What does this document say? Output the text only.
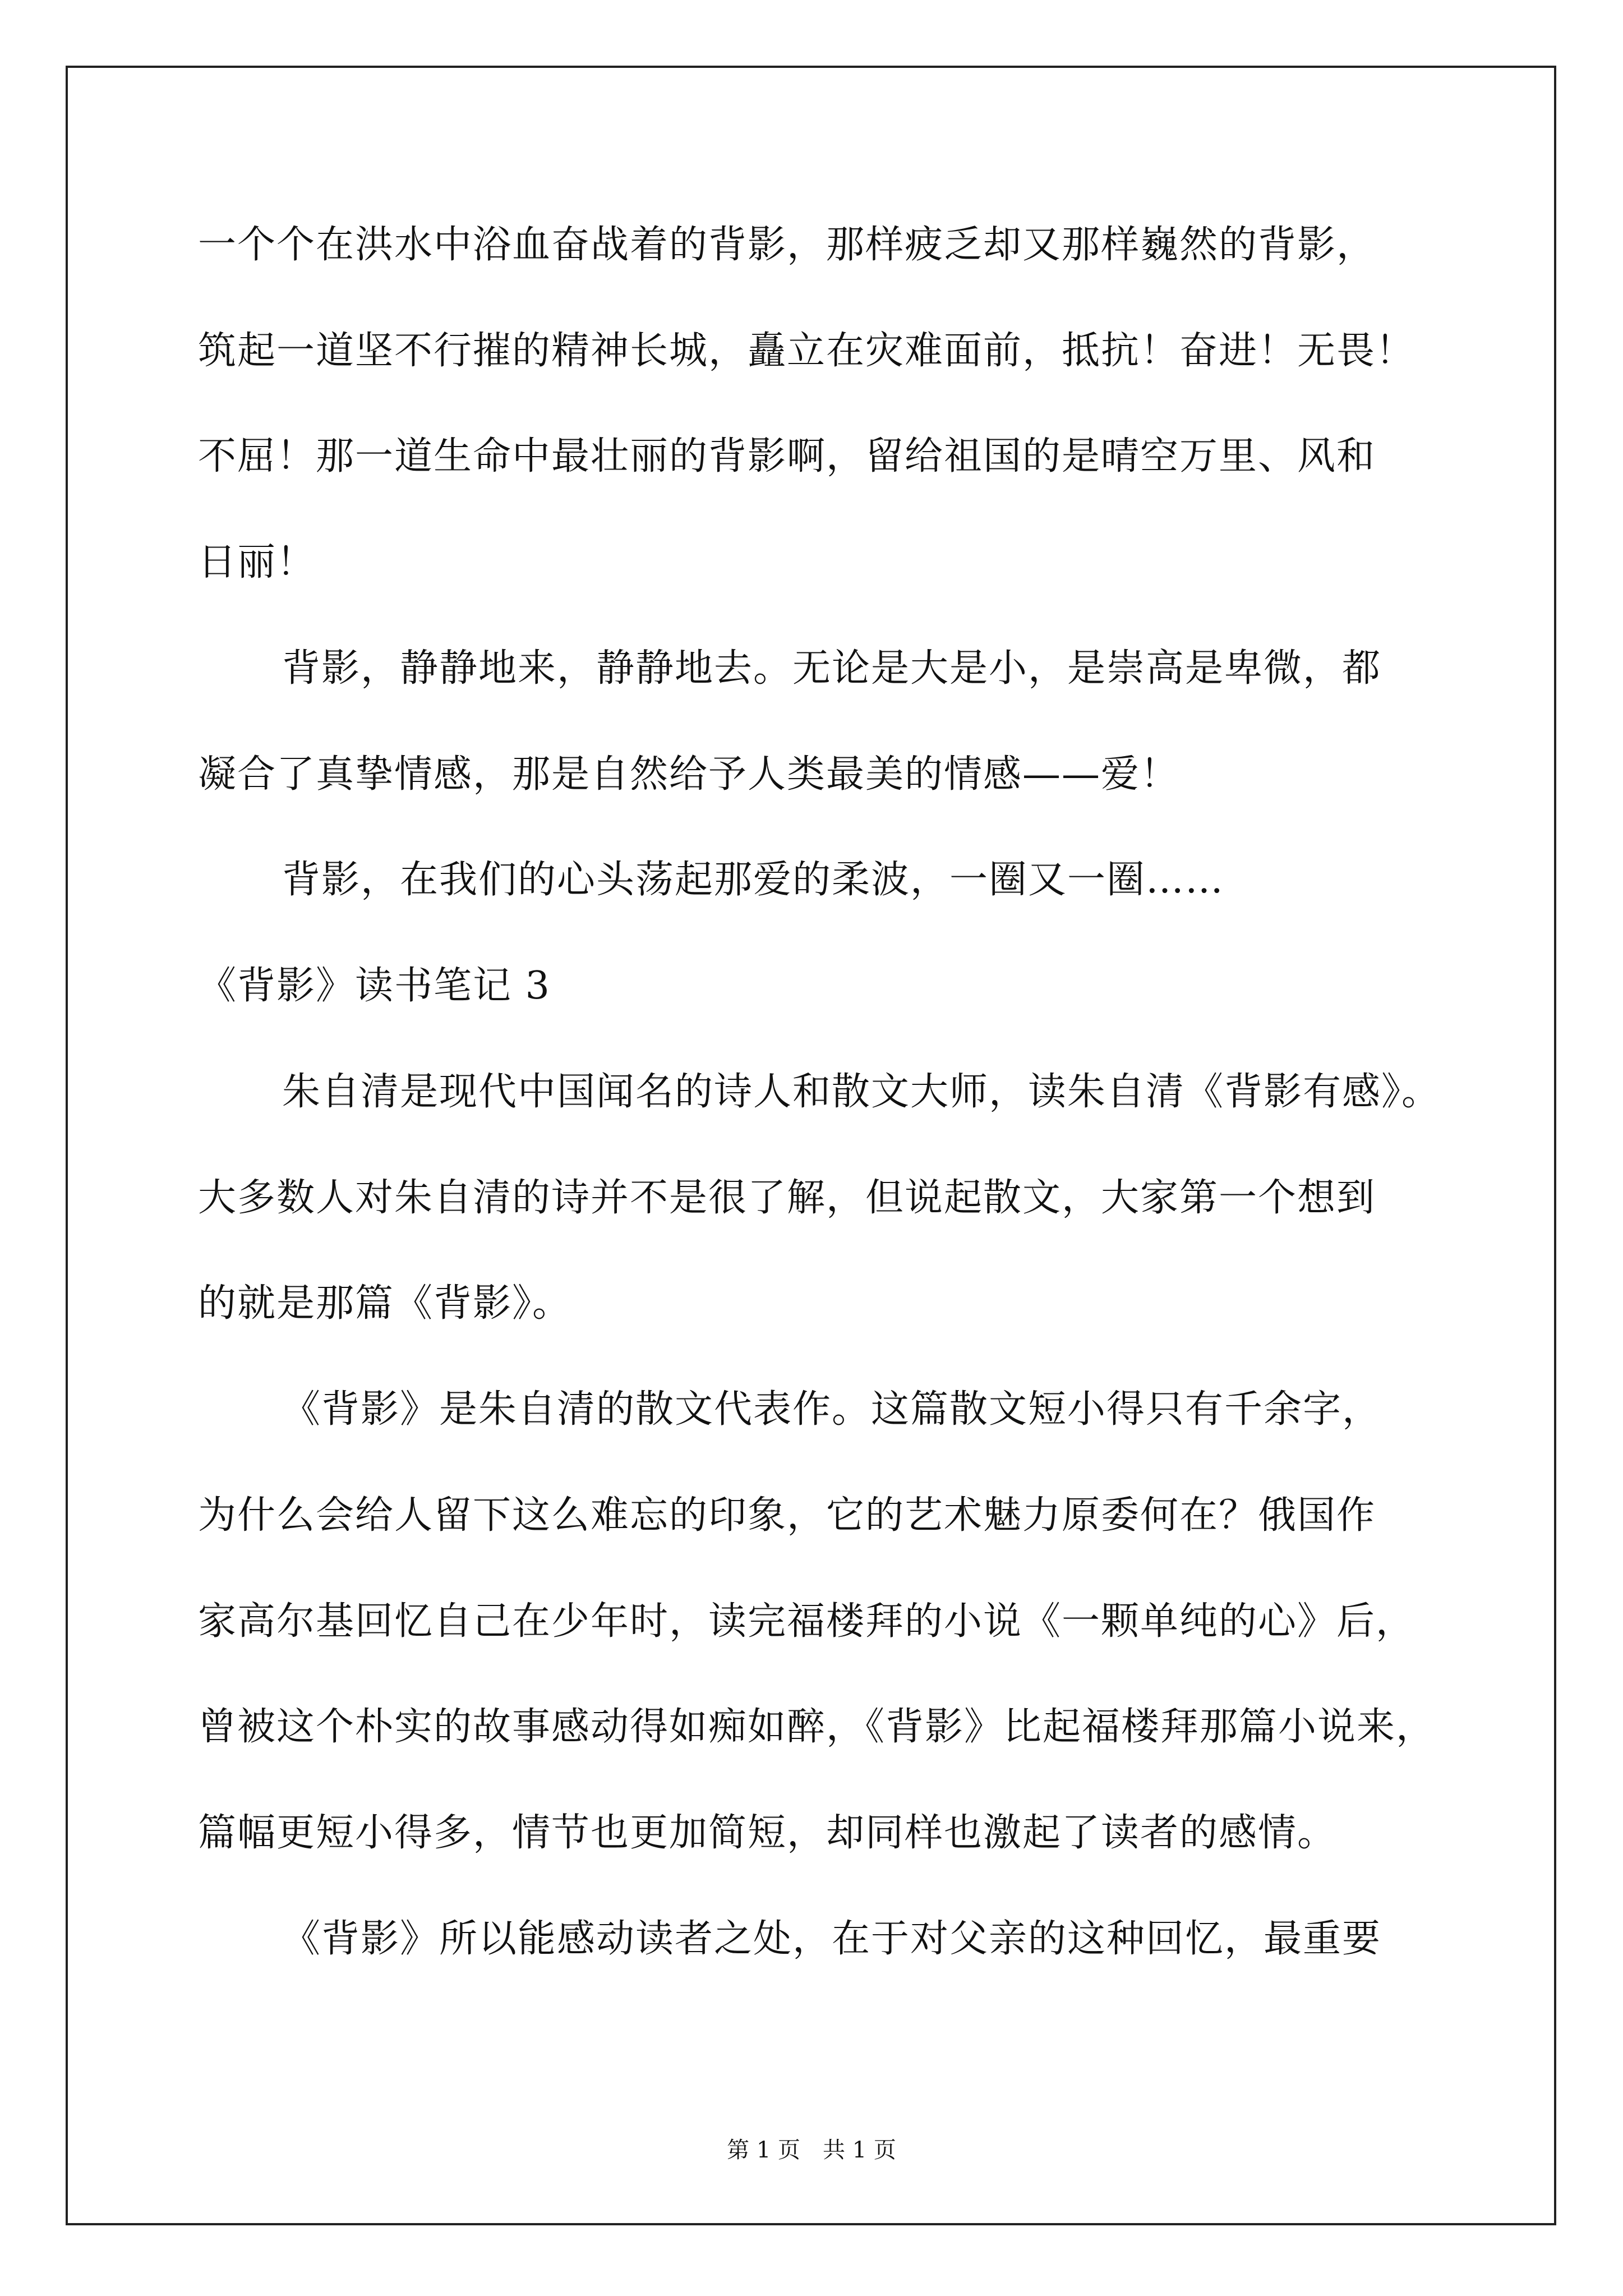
一个个在洪水中浴血奋战着的背影，那样疲乏却又那样巍然的背影，
筑起一道坚不行摧的精神长城，矗立在灾难面前，抵抗！奋进！无畏！
不屈！那一道生命中最壮丽的背影啊，留给祖国的是晴空万里、风和
日丽！
背影，静静地来，静静地去。无论是大是小，是崇高是卑微，都
凝合了真挚情感，那是自然给予人类最美的情感——爱！
背影，在我们的心头荡起那爱的柔波，一圈又一圈……
《背影》读书笔记 3
朱自清是现代中国闻名的诗人和散文大师，读朱自清《背影有感》。
大多数人对朱自清的诗并不是很了解，但说起散文，大家第一个想到
的就是那篇《背影》。
《背影》是朱自清的散文代表作。这篇散文短小得只有千余字，
为什么会给人留下这么难忘的印象，它的艺术魅力原委何在？俄国作
家高尔基回忆自己在少年时，读完福楼拜的小说《一颗单纯的心》后，
曾被这个朴实的故事感动得如痴如醉，《背影》比起福楼拜那篇小说来，
篇幅更短小得多，情节也更加简短，却同样也激起了读者的感情。
《背影》所以能感动读者之处，在于对父亲的这种回忆，最重要
第 1 页 共 1 页
